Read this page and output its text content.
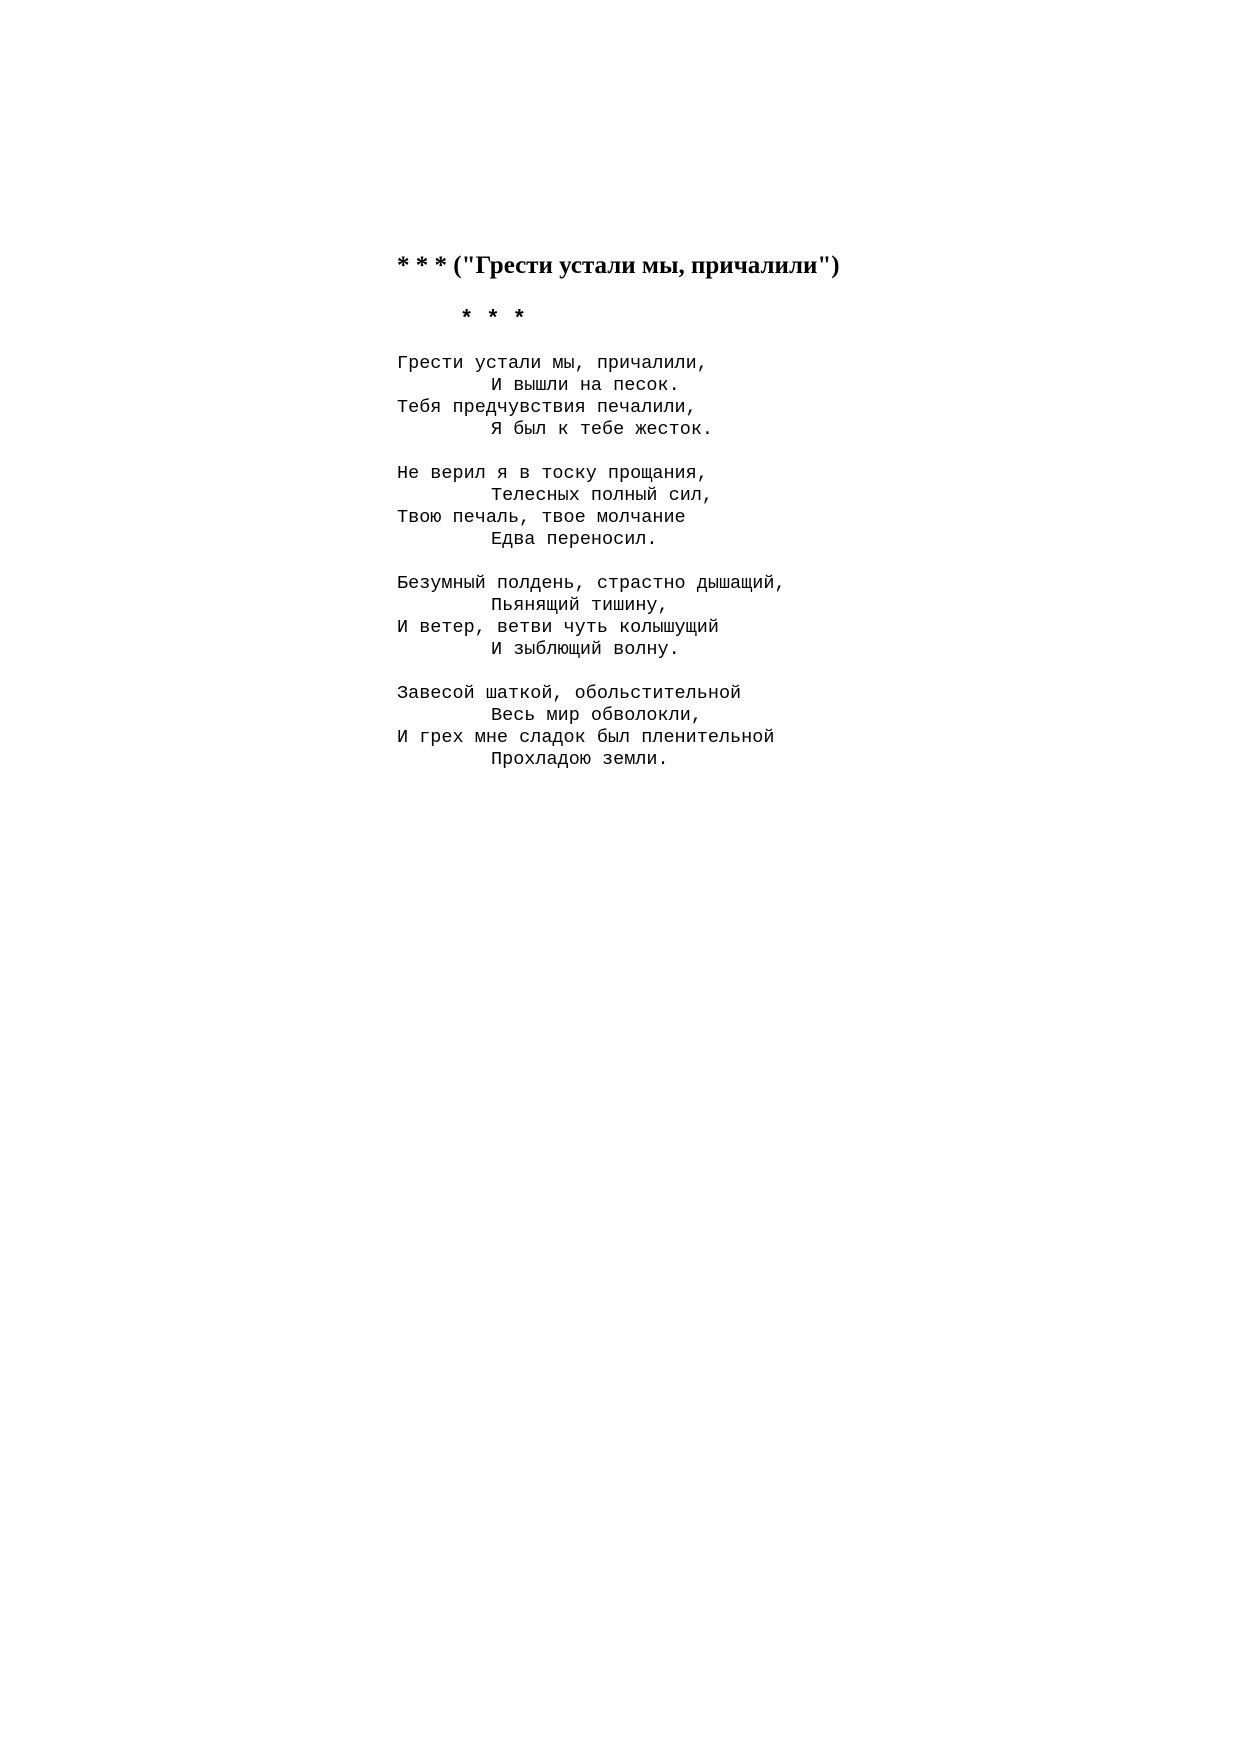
* * * ("Грести устали мы, причалили")
* * *
Грести устали мы, причалили,
И вышли на песок.
Тебя предчувствия печалили,
Я был к тебе жесток.
Не верил я в тоску прощания,
Телесных полный сил,
Твою печаль, твое молчание
Едва переносил.
Безумный полдень, страстно дышащий,
Пьянящий тишину,
И ветер, ветви чуть колышущий
И зыблющий волну.
Завесой шаткой, обольстительной
Весь мир обволокли,
И грех мне сладок был пленительной
Прохладою земли.
